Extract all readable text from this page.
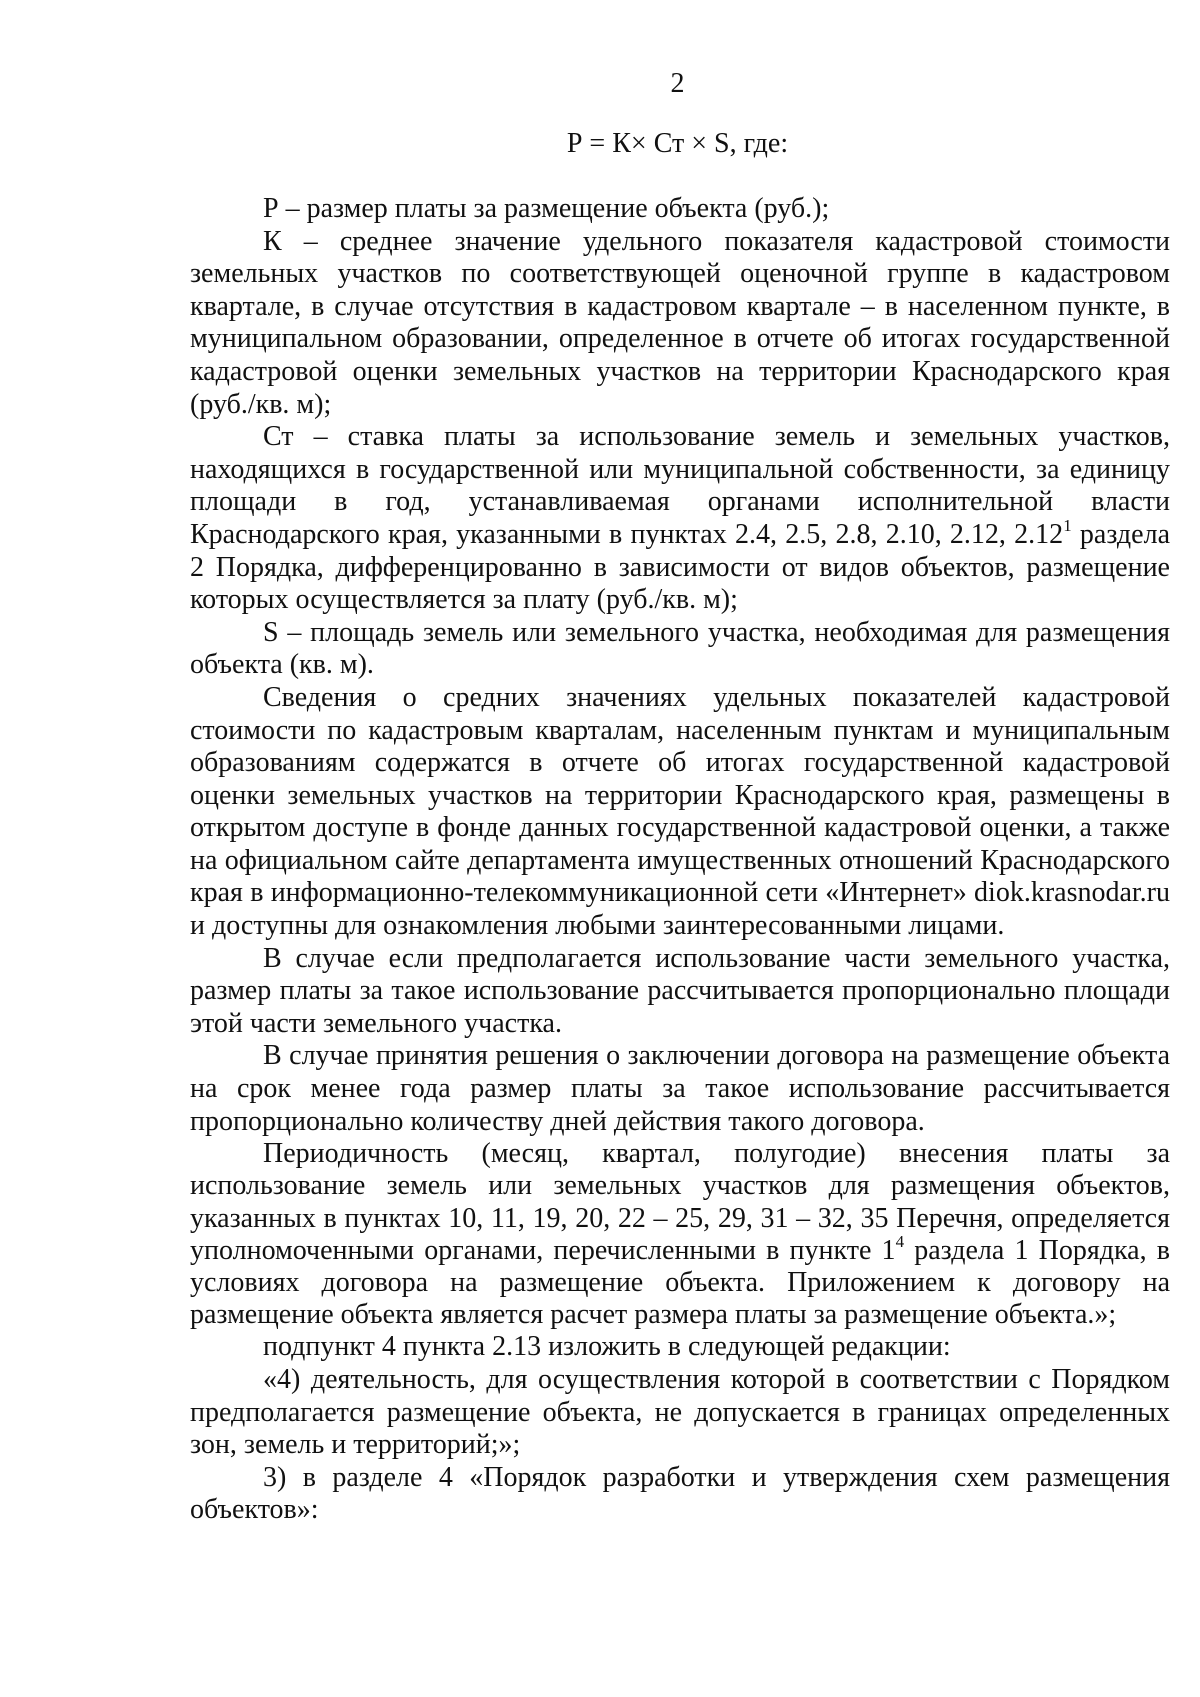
2
Р = К× Ст × S, где:

Р – размер платы за размещение объекта (руб.);

К – среднее значение удельного показателя кадастровой стоимости земельных участков по соответствующей оценочной группе в кадастровом квартале, в случае отсутствия в кадастровом квартале – в населенном пункте, в муниципальном образовании, определенное в отчете об итогах государственной кадастровой оценки земельных участков на территории Краснодарского края (руб./кв. м);

Ст – ставка платы за использование земель и земельных участков, находящихся в государственной или муниципальной собственности, за единицу площади в год, устанавливаемая органами исполнительной власти Краснодарского края, указанными в пунктах 2.4, 2.5, 2.8, 2.10, 2.12, 2.12$^1$ раздела 2 Порядка, дифференцированно в зависимости от видов объектов, размещение которых осуществляется за плату (руб./кв. м);

S – площадь земель или земельного участка, необходимая для размещения объекта (кв. м).

Сведения о средних значениях удельных показателей кадастровой стоимости по кадастровым кварталам, населенным пунктам и муниципальным образованиям содержатся в отчете об итогах государственной кадастровой оценки земельных участков на территории Краснодарского края, размещены в открытом доступе в фонде данных государственной кадастровой оценки, а также на официальном сайте департамента имущественных отношений Краснодарского края в информационно-телекоммуникационной сети «Интернет» diok.krasnodar.ru и доступны для ознакомления любыми заинтересованными лицами.

В случае если предполагается использование части земельного участка, размер платы за такое использование рассчитывается пропорционально площади этой части земельного участка.

В случае принятия решения о заключении договора на размещение объекта на срок менее года размер платы за такое использование рассчитывается пропорционально количеству дней действия такого договора.

Периодичность (месяц, квартал, полугодие) внесения платы за использование земель или земельных участков для размещения объектов, указанных в пунктах 10, 11, 19, 20, 22 – 25, 29, 31 – 32, 35 Перечня, определяется уполномоченными органами, перечисленными в пункте $1^4$ раздела 1 Порядка, в условиях договора на размещение объекта. Приложением к договору на размещение объекта является расчет размера платы за размещение объекта.»;

подпункт 4 пункта 2.13 изложить в следующей редакции:

«4) деятельность, для осуществления которой в соответствии с Порядком предполагается размещение объекта, не допускается в границах определенных зон, земель и территорий;»;

3) в разделе 4 «Порядок разработки и утверждения схем размещения объектов»:
